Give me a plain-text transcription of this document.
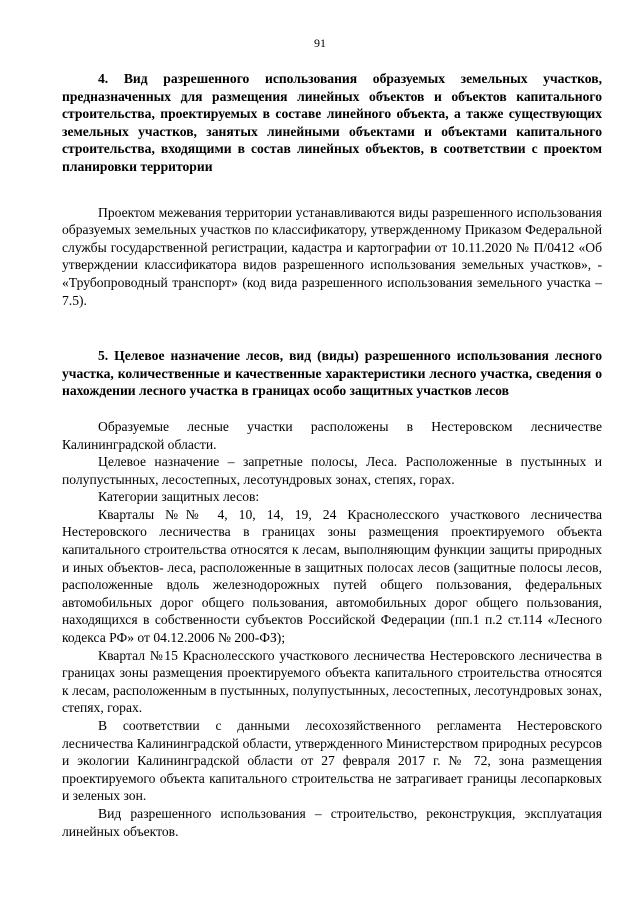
91

4. Вид разрешенного использования образуемых земельных участков, предназначенных для размещения линейных объектов и объектов капитального строительства, проектируемых в составе линейного объекта, а также существующих земельных участков, занятых линейными объектами и объектами капитального строительства, входящими в состав линейных объектов, в соответствии с проектом планировки территории

Проектом межевания территории устанавливаются виды разрешенного использования образуемых земельных участков по классификатору, утвержденному Приказом Федеральной службы государственной регистрации, кадастра и картографии от 10.11.2020 № П/0412 «Об утверждении классификатора видов разрешенного использования земельных участков», - «Трубопроводный транспорт» (код вида разрешенного использования земельного участка – 7.5).

5. Целевое назначение лесов, вид (виды) разрешенного использования лесного участка, количественные и качественные характеристики лесного участка, сведения о нахождении лесного участка в границах особо защитных участков лесов

Образуемые лесные участки расположены в Нестеровском лесничестве Калининградской области.

Целевое назначение – запретные полосы, Леса. Расположенные в пустынных и полупустынных, лесостепных, лесотундровых зонах, степях, горах.

Категории защитных лесов:

Кварталы №№ 4, 10, 14, 19, 24 Краснолесского участкового лесничества Нестеровского лесничества в границах зоны размещения проектируемого объекта капитального строительства относятся к лесам, выполняющим функции защиты природных и иных объектов- леса, расположенные в защитных полосах лесов (защитные полосы лесов, расположенные вдоль железнодорожных путей общего пользования, федеральных автомобильных дорог общего пользования, автомобильных дорог общего пользования, находящихся в собственности субъектов Российской Федерации (пп.1 п.2 ст.114 «Лесного кодекса РФ» от 04.12.2006 № 200-ФЗ);

Квартал №15 Краснолесского участкового лесничества Нестеровского лесничества в границах зоны размещения проектируемого объекта капитального строительства относятся к лесам, расположенным в пустынных, полупустынных, лесостепных, лесотундровых зонах, степях, горах.

В соответствии с данными лесохозяйственного регламента Нестеровского лесничества Калининградской области, утвержденного Министерством природных ресурсов и экологии Калининградской области от 27 февраля 2017 г. № 72, зона размещения проектируемого объекта капитального строительства не затрагивает границы лесопарковых и зеленых зон.

Вид разрешенного использования – строительство, реконструкция, эксплуатация линейных объектов.
